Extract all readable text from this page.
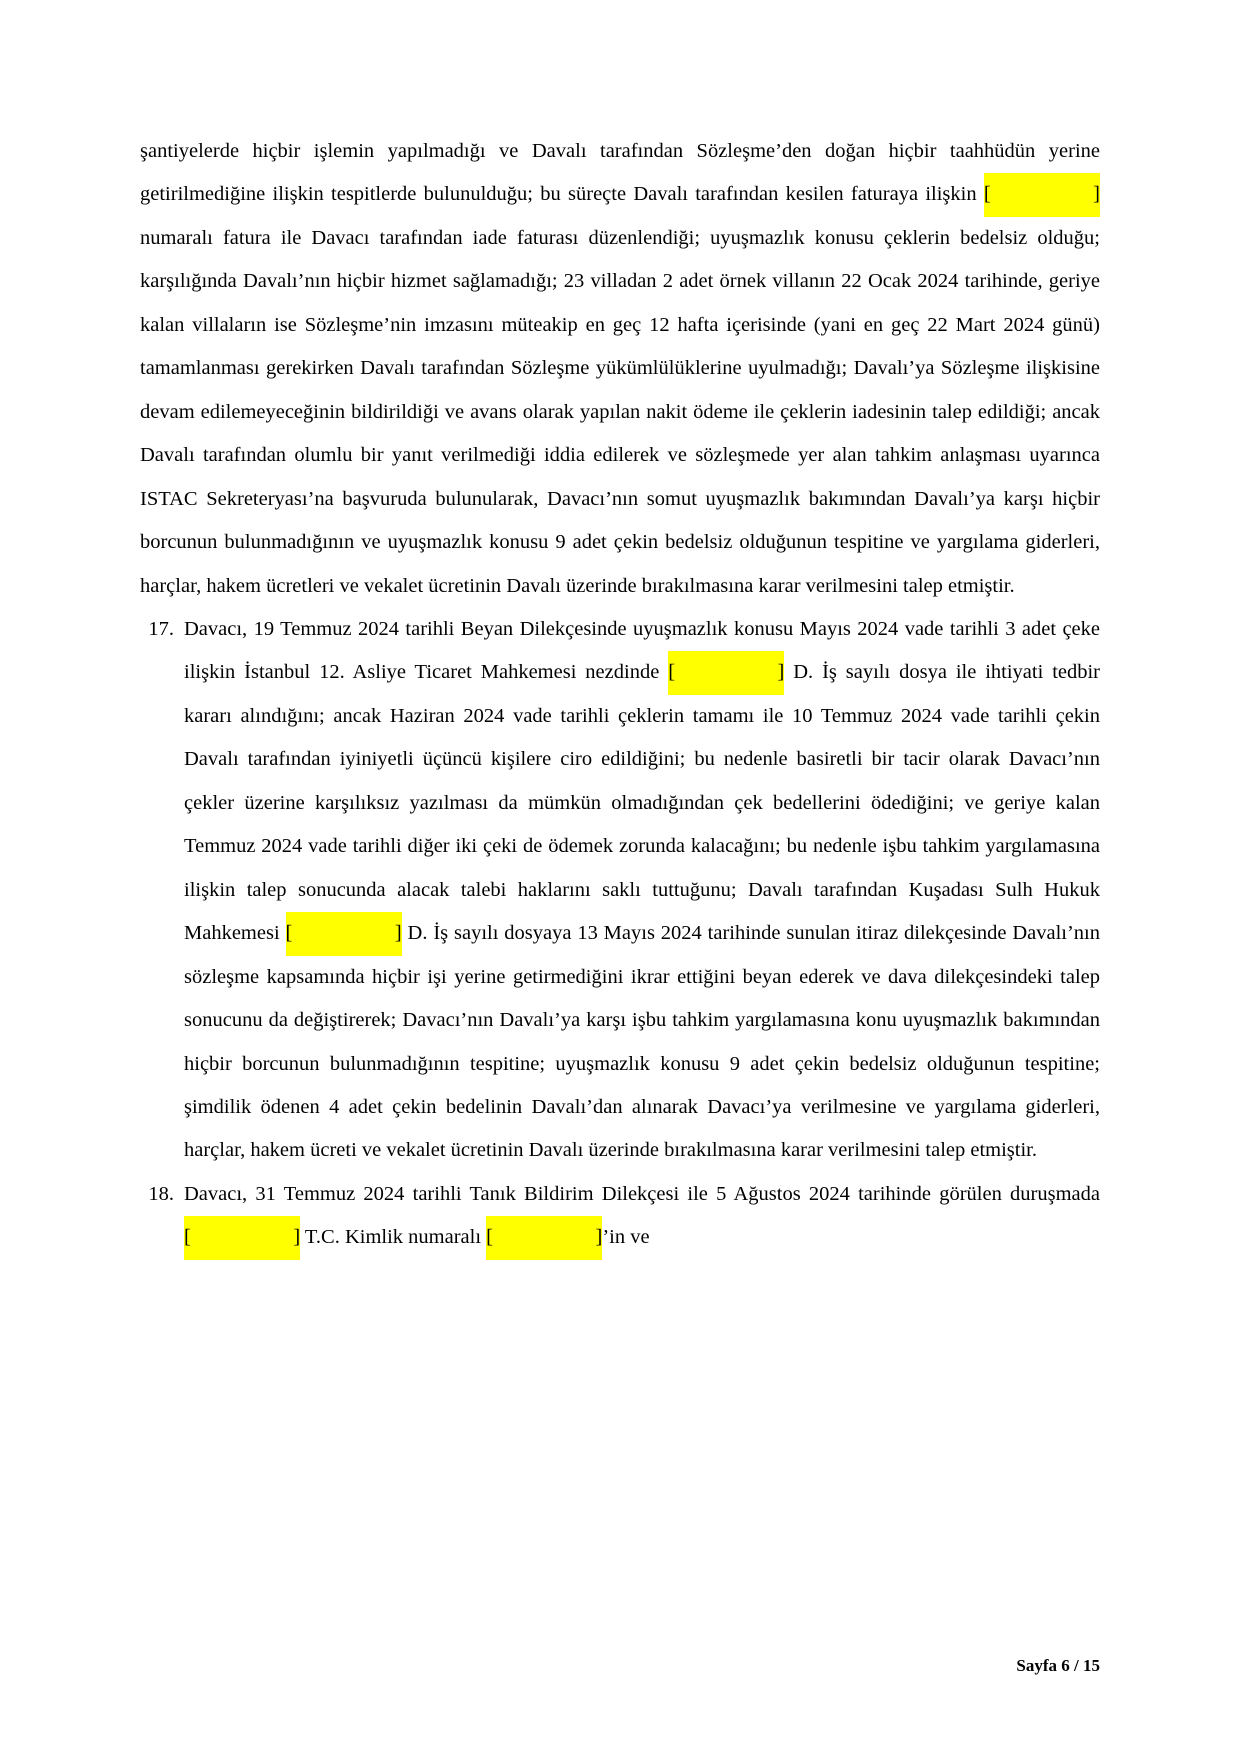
şantiyelerde hiçbir işlemin yapılmadığı ve Davalı tarafından Sözleşme’den doğan hiçbir taahhüdün yerine getirilmediğine ilişkin tespitlerde bulunulduğu; bu süreçte Davalı tarafından kesilen faturaya ilişkin [                    ] numaralı fatura ile Davacı tarafından iade faturası düzenlendiği; uyuşmazlık konusu çeklerin bedelsiz olduğu; karşılığında Davalı’nın hiçbir hizmet sağlamadığı; 23 villadan 2 adet örnek villanın 22 Ocak 2024 tarihinde, geriye kalan villaların ise Sözleşme’nin imzasını müteakip en geç 12 hafta içerisinde (yani en geç 22 Mart 2024 günü) tamamlanması gerekirken Davalı tarafından Sözleşme yükümlülüklerine uyulmadığı; Davalı’ya Sözleşme ilişkisine devam edilemeyeceğinin bildirildiği ve avans olarak yapılan nakit ödeme ile çeklerin iadesinin talep edildiği; ancak Davalı tarafından olumlu bir yanıt verilmediği iddia edilerek ve sözleşmede yer alan tahkim anlaşması uyarınca ISTAC Sekreteryası’na başvuruda bulunularak, Davacı’nın somut uyuşmazlık bakımından Davalı’ya karşı hiçbir borcunun bulunmadığının ve uyuşmazlık konusu 9 adet çekin bedelsiz olduğunun tespitine ve yargılama giderleri, harçlar, hakem ücretleri ve vekalet ücretinin Davalı üzerinde bırakılmasına karar verilmesini talep etmiştir.

17. Davacı, 19 Temmuz 2024 tarihli Beyan Dilekçesinde uyuşmazlık konusu Mayıs 2024 vade tarihli 3 adet çeke ilişkin İstanbul 12. Asliye Ticaret Mahkemesi nezdinde [                    ] D. İş sayılı dosya ile ihtiyati tedbir kararı alındığını; ancak Haziran 2024 vade tarihli çeklerin tamamı ile 10 Temmuz 2024 vade tarihli çekin Davalı tarafından iyiniyetli üçüncü kişilere ciro edildiğini; bu nedenle basiretli bir tacir olarak Davacı’nın çekler üzerine karşılıksız yazılması da mümkün olmadığından çek bedellerini ödediğini; ve geriye kalan Temmuz 2024 vade tarihli diğer iki çeki de ödemek zorunda kalacağını; bu nedenle işbu tahkim yargılamasına ilişkin talep sonucunda alacak talebi haklarını saklı tuttuğunu; Davalı tarafından Kuşadası Sulh Hukuk Mahkemesi [                    ] D. İş sayılı dosyaya 13 Mayıs 2024 tarihinde sunulan itiraz dilekçesinde Davalı’nın sözleşme kapsamında hiçbir işi yerine getirmediğini ikrar ettiğini beyan ederek ve dava dilekçesindeki talep sonucunu da değiştirerek; Davacı’nın Davalı’ya karşı işbu tahkim yargılamasına konu uyuşmazlık bakımından hiçbir borcunun bulunmadığının tespitine; uyuşmazlık konusu 9 adet çekin bedelsiz olduğunun tespitine; şimdilik ödenen 4 adet çekin bedelinin Davalı’dan alınarak Davacı’ya verilmesine ve yargılama giderleri, harçlar, hakem ücreti ve vekalet ücretinin Davalı üzerinde bırakılmasına karar verilmesini talep etmiştir.
18. Davacı, 31 Temmuz 2024 tarihli Tanık Bildirim Dilekçesi ile 5 Ağustos 2024 tarihinde görülen duruşmada [                    ] T.C. Kimlik numaralı [                    ]’in ve
Sayfa 6 / 15
